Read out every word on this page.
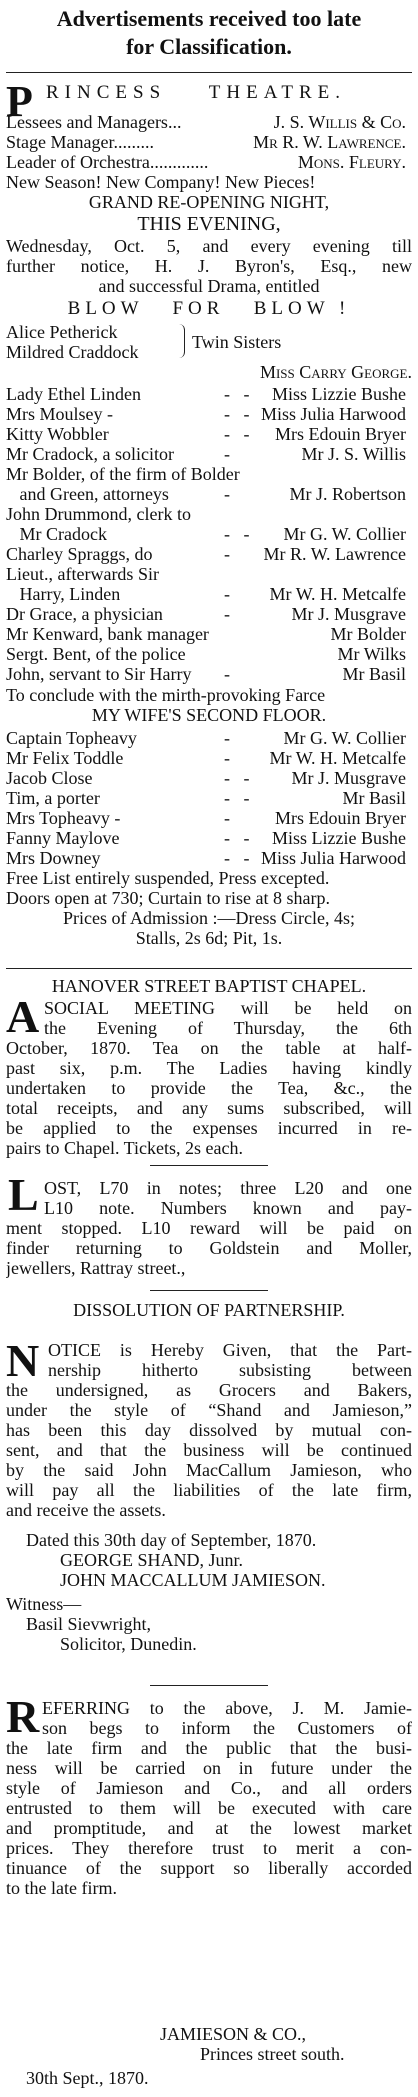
Advertisements received too late
for Classification.
P RINCESS    THEATRE.
Lessees and Managers...	J. S. Willis & Co.
Stage Manager.........	Mr R. W. Lawrence.
Leader of Orchestra.............	Mons. Fleury.
New Season! New Company! New Pieces!
GRAND RE-OPENING NIGHT,
THIS EVENING,
Wednesday, Oct. 5, and every evening till
further notice, H. J. Byron's, Esq., new
and successful Drama, entitled
BLOW   FOR   BLOW !
Alice Petherick
Mildred Craddock	Twin Sisters
Miss Carry George.
Lady Ethel Linden	-   - Miss Lizzie Bushe
Mrs Moulsey -	-   - Miss Julia Harwood
Kitty Wobbler	-   - Mrs Edouin Bryer
Mr Cradock, a solicitor	-	Mr J. S. Willis
Mr Bolder, of the firm of Bolder
and Green, attorneys	-	Mr J. Robertson
John Drummond, clerk to
Mr Cradock	-   - Mr G. W. Collier
Charley Spraggs, do	- Mr R. W. Lawrence
Lieut., afterwards Sir
Harry, Linden	- Mr W. H. Metcalfe
Dr Grace, a physician	-	Mr J. Musgrave
Mr Kenward, bank manager	Mr Bolder
Sergt. Bent, of the police	Mr Wilks
John, servant to Sir Harry -	Mr Basil
To conclude with the mirth-provoking Farce
MY WIFE'S SECOND FLOOR.
Captain Topheavy	-	Mr G. W. Collier
Mr Felix Toddle	- Mr W. H. Metcalfe
Jacob Close	-   - Mr J. Musgrave
Tim, a porter	-   -	Mr Basil
Mrs Topheavy -	-	Mrs Edouin Bryer
Fanny Maylove	-   - Miss Lizzie Bushe
Mrs Downey	-   - Miss Julia Harwood
Free List entirely suspended, Press excepted.
Doors open at 730; Curtain to rise at 8 sharp.
Prices of Admission :—Dress Circle, 4s;
Stalls, 2s 6d; Pit, 1s.
HANOVER STREET BAPTIST CHAPEL.
A SOCIAL MEETING will be held on
the Evening of Thursday, the 6th
October, 1870. Tea on the table at half-
past six, p.m. The Ladies having kindly
undertaken to provide the Tea, &c., the
total receipts, and any sums subscribed, will
be applied to the expenses incurred in re-
pairs to Chapel. Tickets, 2s each.
L OST, L70 in notes; three L20 and one
L10 note. Numbers known and pay-
ment stopped. L10 reward will be paid on
finder returning to Goldstein and Moller,
jewellers, Rattray street.,
DISSOLUTION OF PARTNERSHIP.
N OTICE is Hereby Given, that the Part-
nership hitherto subsisting between
the undersigned, as Grocers and Bakers,
under the style of “Shand and Jamieson,”
has been this day dissolved by mutual con-
sent, and that the business will be continued
by the said John MacCallum Jamieson, who
will pay all the liabilities of the late firm,
and receive the assets.
Dated this 30th day of September, 1870.
GEORGE SHAND, Junr.
JOHN MACCALLUM JAMIESON.
Witness—
Basil Sievwright,
Solicitor, Dunedin.
R EFERRING to the above, J. M. Jamie-
son begs to inform the Customers of
the late firm and the public that the busi-
ness will be carried on in future under the
style of Jamieson and Co., and all orders
entrusted to them will be executed with care
and promptitude, and at the lowest market
prices. They therefore trust to merit a con-
tinuance of the support so liberally accorded
to the late firm.
JAMIESON & CO.,
Princes street south.
30th Sept., 1870.
